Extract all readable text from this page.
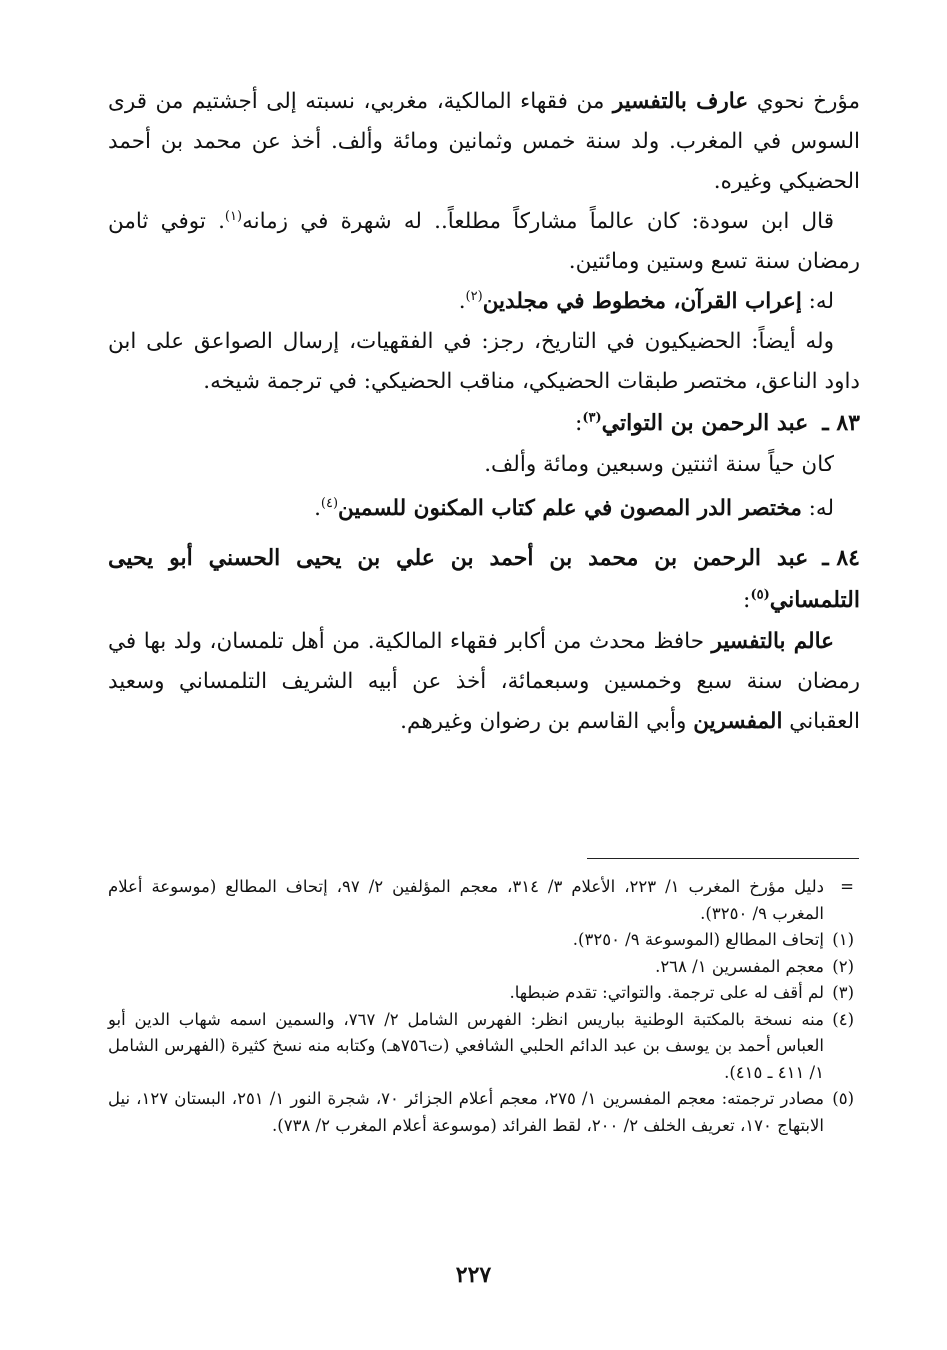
مؤرخ نحوي عارف بالتفسير من فقهاء المالكية، مغربي، نسبته إلى أجشتيم من قرى السوس في المغرب. ولد سنة خمس وثمانين ومائة وألف. أخذ عن محمد بن أحمد الحضيكي وغيره.

قال ابن سودة: كان عالماً مشاركاً مطلعاً.. له شهرة في زمانه$^{(١)}$. توفي ثامن رمضان سنة تسع وستين ومائتين.

له: إعراب القرآن، مخطوط في مجلدين$^{(٢)}$.

وله أيضاً: الحضيكيون في التاريخ، رجز: في الفقهيات، إرسال الصواعق على ابن داود الناعق، مختصر طبقات الحضيكي، مناقب الحضيكي: في ترجمة شيخه.

٨٣ ـعبد الرحمن بن التواتي$^{(٣)}$:

كان حياً سنة اثنتين وسبعين ومائة وألف.

له: مختصر الدر المصون في علم كتاب المكنون للسمين$^{(٤)}$.

٨٤ ـعبد الرحمن بن محمد بن أحمد بن علي بن يحيى الحسني أبو يحيى التلمساني$^{(٥)}$:

عالم بالتفسير حافظ محدث من أكابر فقهاء المالكية. من أهل تلمسان، ولد بها في رمضان سنة سبع وخمسين وسبعمائة، أخذ عن أبيه الشريف التلمساني وسعيد العقباني المفسرين وأبي القاسم بن رضوان وغيرهم.

=
دليل مؤرخ المغرب ١/ ٢٢٣، الأعلام ٣/ ٣١٤، معجم المؤلفين ٢/ ٩٧، إتحاف المطالع (موسوعة أعلام المغرب ٩/ ٣٢٥٠).

(١)
إتحاف المطالع (الموسوعة ٩/ ٣٢٥٠).

(٢)
معجم المفسرين ١/ ٢٦٨.

(٣)
لم أقف له على ترجمة. والتواتي: تقدم ضبطها.

(٤)
منه نسخة بالمكتبة الوطنية بباريس انظر: الفهرس الشامل ٢/ ٧٦٧، والسمين اسمه شهاب الدين أبو العباس أحمد بن يوسف بن عبد الدائم الحلبي الشافعي (ت٧٥٦هـ) وكتابه منه نسخ كثيرة (الفهرس الشامل ١/ ٤١١ ـ ٤١٥).

(٥)
مصادر ترجمته: معجم المفسرين ١/ ٢٧٥، معجم أعلام الجزائر ٧٠، شجرة النور ١/ ٢٥١، البستان ١٢٧، نيل الابتهاج ١٧٠، تعريف الخلف ٢/ ٢٠٠، لقط الفرائد (موسوعة أعلام المغرب ٢/ ٧٣٨).

٢٢٧
